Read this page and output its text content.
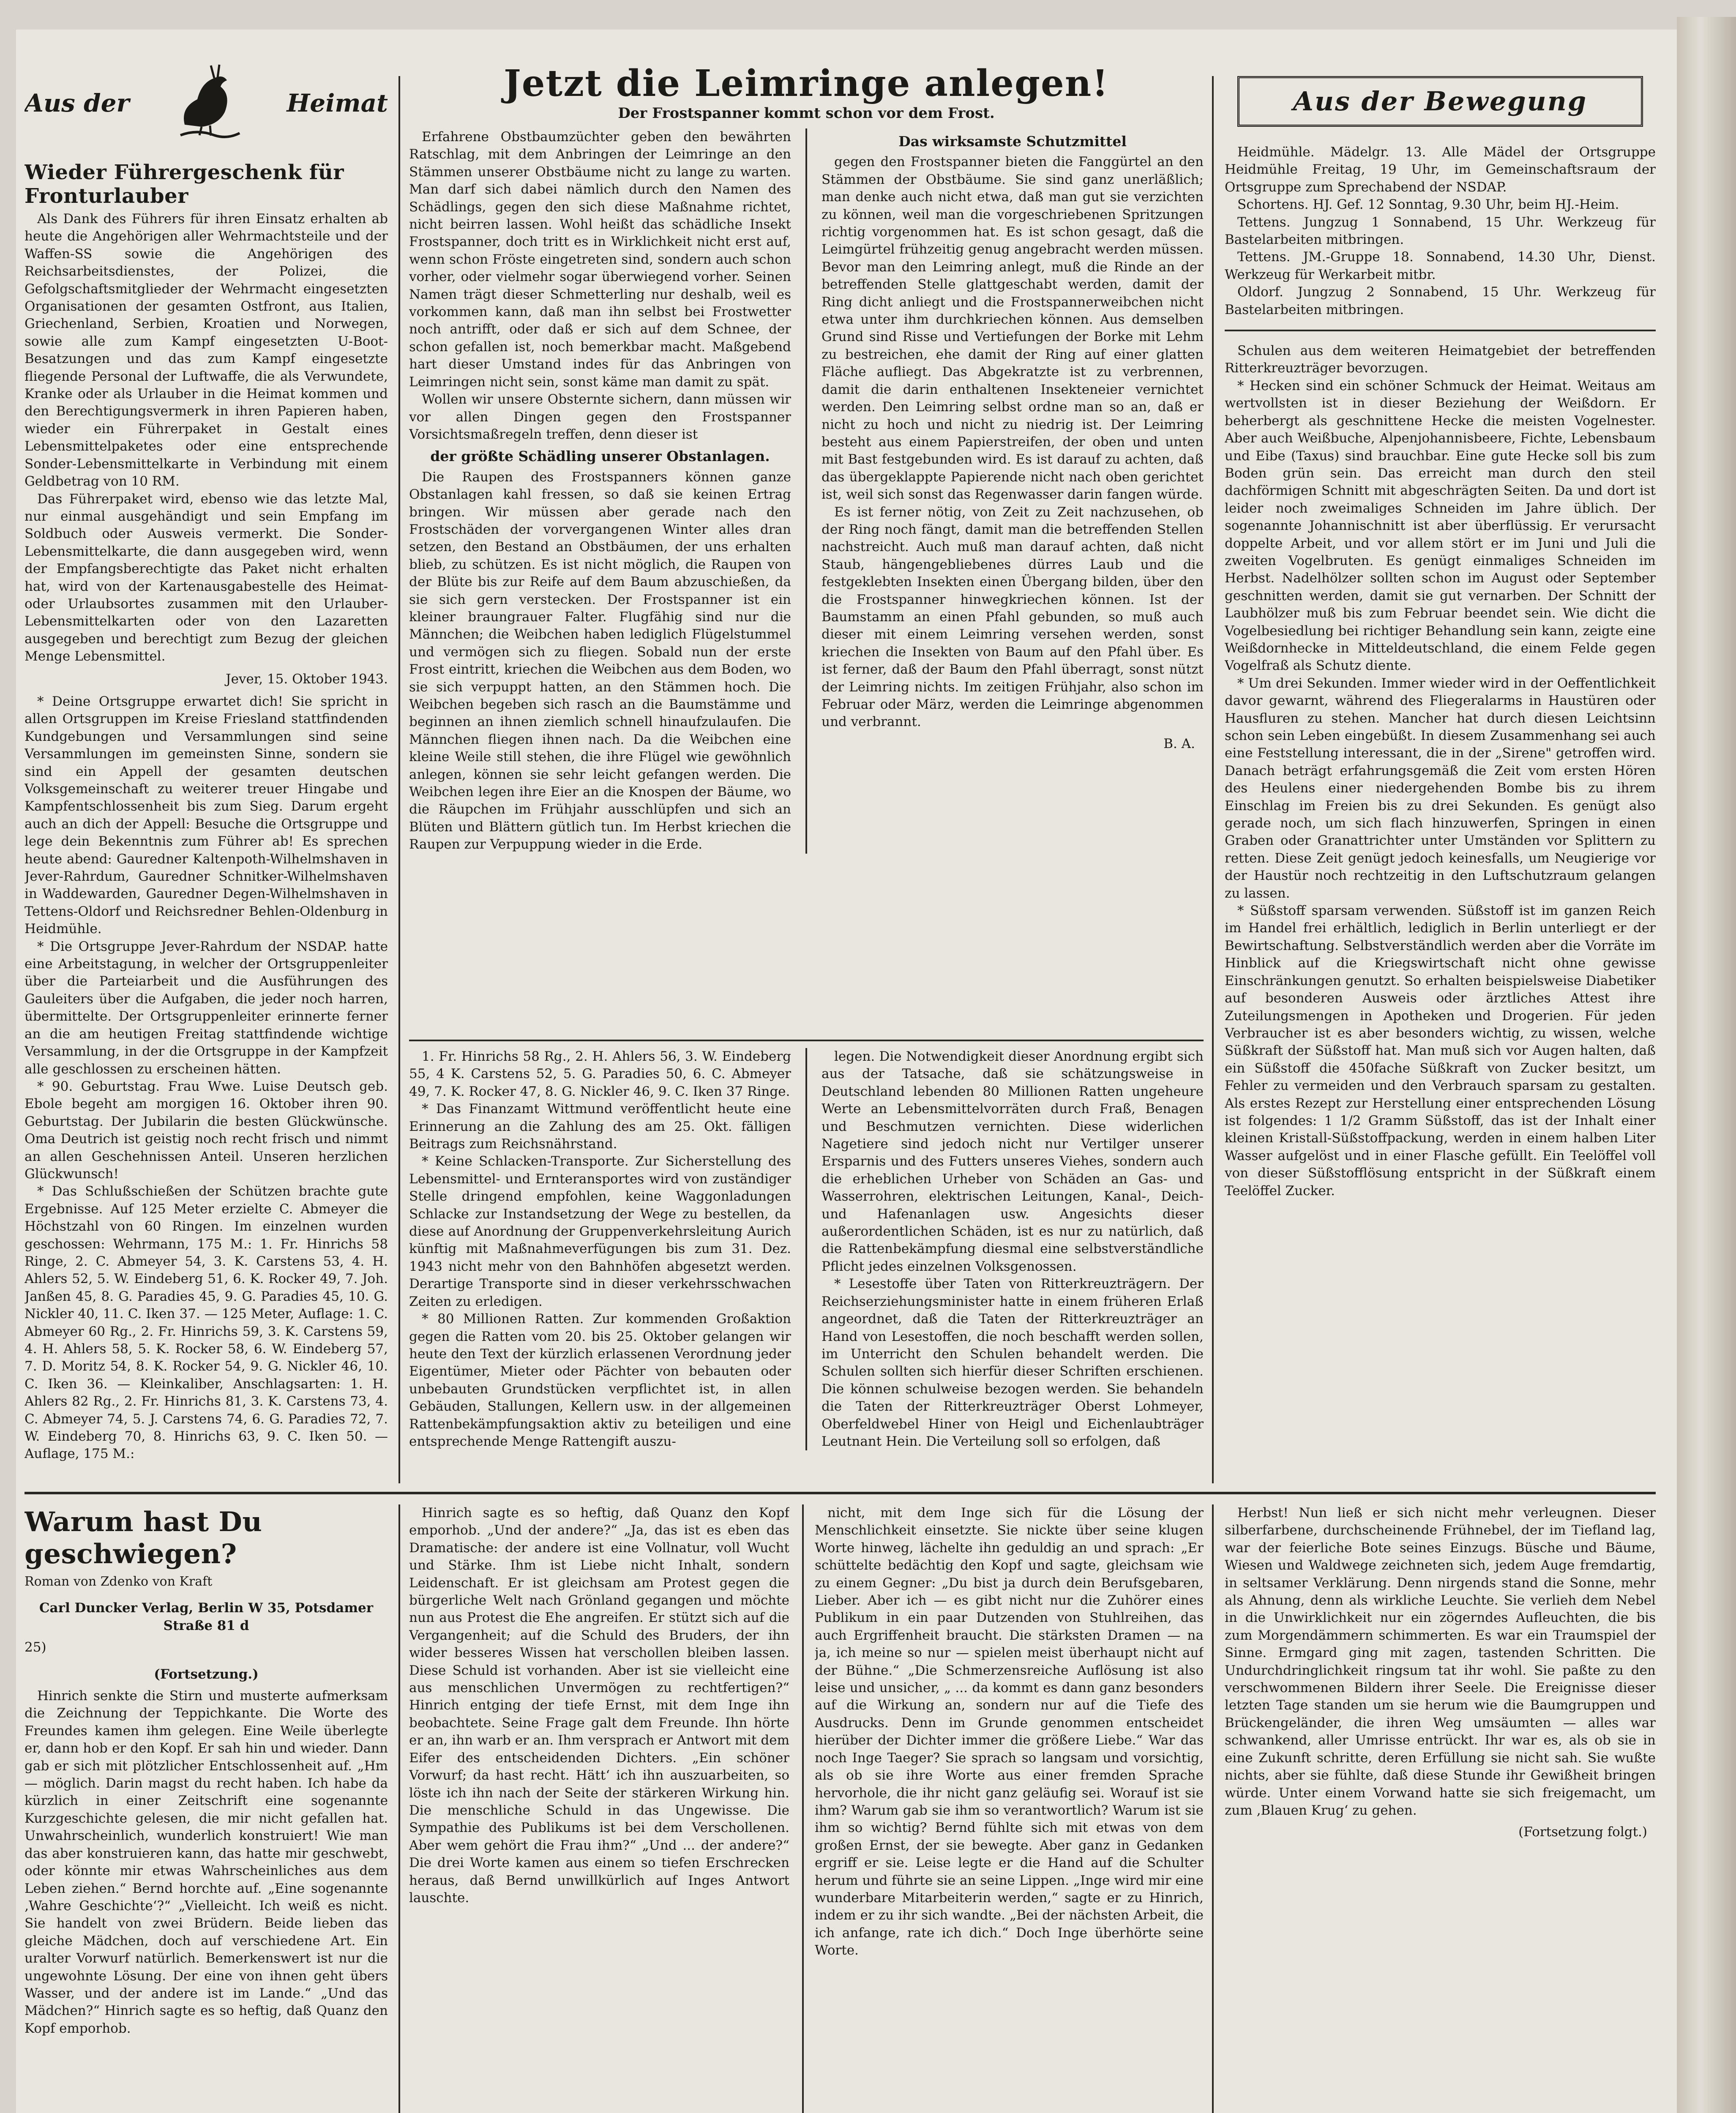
Aus der	Heimat
Wieder Führergeschenk für Fronturlauber

Als Dank des Führers für ihren Einsatz erhalten ab heute die Angehörigen aller Wehrmachtsteile und der Waffen-SS sowie die Angehörigen des Reichsarbeitsdienstes, der Polizei, die Gefolgschaftsmitglieder der Wehrmacht eingesetzten Organisationen der gesamten Ostfront, aus Italien, Griechenland, Serbien, Kroatien und Norwegen, sowie alle zum Kampf eingesetzten U-Boot-Besatzungen und das zum Kampf eingesetzte fliegende Personal der Luftwaffe, die als Verwundete, Kranke oder als Urlauber in die Heimat kommen und den Berechtigungsvermerk in ihren Papieren haben, wieder ein Führerpaket in Gestalt eines Lebensmittelpaketes oder eine entsprechende Sonder-Lebensmittelkarte in Verbindung mit einem Geldbetrag von 10 RM.

Das Führerpaket wird, ebenso wie das letzte Mal, nur einmal ausgehändigt und sein Empfang im Soldbuch oder Ausweis vermerkt. Die Sonder-Lebensmittelkarte, die dann ausgegeben wird, wenn der Empfangsberechtigte das Paket nicht erhalten hat, wird von der Kartenausgabestelle des Heimat- oder Urlaubsortes zusammen mit den Urlauber-Lebensmittelkarten oder von den Lazaretten ausgegeben und berechtigt zum Bezug der gleichen Menge Lebensmittel.

Jever, 15. Oktober 1943.

* Deine Ortsgruppe erwartet dich! Sie spricht in allen Ortsgruppen im Kreise Friesland stattfindenden Kundgebungen und Versammlungen sind seine Versammlungen im gemeinsten Sinne, sondern sie sind ein Appell der gesamten deutschen Volksgemeinschaft zu weiterer treuer Hingabe und Kampfentschlossenheit bis zum Sieg. Darum ergeht auch an dich der Appell: Besuche die Ortsgruppe und lege dein Bekenntnis zum Führer ab! Es sprechen heute abend: Gauredner Kaltenpoth-Wilhelmshaven in Jever-Rahrdum, Gauredner Schnitker-Wilhelmshaven in Waddewarden, Gauredner Degen-Wilhelmshaven in Tettens-Oldorf und Reichsredner Behlen-Oldenburg in Heidmühle.

* Die Ortsgruppe Jever-Rahrdum der NSDAP. hatte eine Arbeitstagung, in welcher der Ortsgruppenleiter über die Parteiarbeit und die Ausführungen des Gauleiters über die Aufgaben, die jeder noch harren, übermittelte. Der Ortsgruppenleiter erinnerte ferner an die am heutigen Freitag stattfindende wichtige Versammlung, in der die Ortsgruppe in der Kampfzeit alle geschlossen zu erscheinen hätten.

* 90. Geburtstag. Frau Wwe. Luise Deutsch geb. Ebole begeht am morgigen 16. Oktober ihren 90. Geburtstag. Der Jubilarin die besten Glückwünsche. Oma Deutrich ist geistig noch recht frisch und nimmt an allen Geschehnissen Anteil. Unseren herzlichen Glückwunsch!

* Das Schlußschießen der Schützen brachte gute Ergebnisse. Auf 125 Meter erzielte C. Abmeyer die Höchstzahl von 60 Ringen. Im einzelnen wurden geschossen: Wehrmann, 175 M.: 1. Fr. Hinrichs 58 Ringe, 2. C. Abmeyer 54, 3. K. Carstens 53, 4. H. Ahlers 52, 5. W. Eindeberg 51, 6. K. Rocker 49, 7. Joh. Janßen 45, 8. G. Paradies 45, 9. G. Paradies 45, 10. G. Nickler 40, 11. C. Iken 37. — 125 Meter, Auflage: 1. C. Abmeyer 60 Rg., 2. Fr. Hinrichs 59, 3. K. Carstens 59, 4. H. Ahlers 58, 5. K. Rocker 58, 6. W. Eindeberg 57, 7. D. Moritz 54, 8. K. Rocker 54, 9. G. Nickler 46, 10. C. Iken 36. — Kleinkaliber, Anschlagsarten: 1. H. Ahlers 82 Rg., 2. Fr. Hinrichs 81, 3. K. Carstens 73, 4. C. Abmeyer 74, 5. J. Carstens 74, 6. G. Paradies 72, 7. W. Eindeberg 70, 8. Hinrichs 63, 9. C. Iken 50. — Auflage, 175 M.:

Jetzt die Leimringe anlegen!
Der Frostspanner kommt schon vor dem Frost.

Erfahrene Obstbaumzüchter geben den bewährten Ratschlag, mit dem Anbringen der Leimringe an den Stämmen unserer Obstbäume nicht zu lange zu warten. Man darf sich dabei nämlich durch den Namen des Schädlings, gegen den sich diese Maßnahme richtet, nicht beirren lassen. Wohl heißt das schädliche Insekt Frostspanner, doch tritt es in Wirklichkeit nicht erst auf, wenn schon Fröste eingetreten sind, sondern auch schon vorher, oder vielmehr sogar überwiegend vorher. Seinen Namen trägt dieser Schmetterling nur deshalb, weil es vorkommen kann, daß man ihn selbst bei Frostwetter noch antrifft, oder daß er sich auf dem Schnee, der schon gefallen ist, noch bemerkbar macht. Maßgebend hart dieser Umstand indes für das Anbringen von Leimringen nicht sein, sonst käme man damit zu spät.

Wollen wir unsere Obsternte sichern, dann müssen wir vor allen Dingen gegen den Frostspanner Vorsichtsmaßregeln treffen, denn dieser ist

der größte Schädling unserer Obstanlagen.

Die Raupen des Frostspanners können ganze Obstanlagen kahl fressen, so daß sie keinen Ertrag bringen. Wir müssen aber gerade nach den Frostschäden der vorvergangenen Winter alles dran setzen, den Bestand an Obstbäumen, der uns erhalten blieb, zu schützen. Es ist nicht möglich, die Raupen von der Blüte bis zur Reife auf dem Baum abzuschießen, da sie sich gern verstecken. Der Frostspanner ist ein kleiner braungrauer Falter. Flugfähig sind nur die Männchen; die Weibchen haben lediglich Flügelstummel und vermögen sich zu fliegen. Sobald nun der erste Frost eintritt, kriechen die Weibchen aus dem Boden, wo sie sich verpuppt hatten, an den Stämmen hoch. Die Weibchen begeben sich rasch an die Baumstämme und beginnen an ihnen ziemlich schnell hinaufzulaufen. Die Männchen fliegen ihnen nach. Da die Weibchen eine kleine Weile still stehen, die ihre Flügel wie gewöhnlich anlegen, können sie sehr leicht gefangen werden. Die Weibchen legen ihre Eier an die Knospen der Bäume, wo die Räupchen im Frühjahr ausschlüpfen und sich an Blüten und Blättern gütlich tun. Im Herbst kriechen die Raupen zur Verpuppung wieder in die Erde.

Das wirksamste Schutzmittel

gegen den Frostspanner bieten die Fanggürtel an den Stämmen der Obstbäume. Sie sind ganz unerläßlich; man denke auch nicht etwa, daß man gut sie verzichten zu können, weil man die vorgeschriebenen Spritzungen richtig vorgenommen hat. Es ist schon gesagt, daß die Leimgürtel frühzeitig genug angebracht werden müssen. Bevor man den Leimring anlegt, muß die Rinde an der betreffenden Stelle glattgeschabt werden, damit der Ring dicht anliegt und die Frostspannerweibchen nicht etwa unter ihm durchkriechen können. Aus demselben Grund sind Risse und Vertiefungen der Borke mit Lehm zu bestreichen, ehe damit der Ring auf einer glatten Fläche aufliegt. Das Abgekratzte ist zu verbrennen, damit die darin enthaltenen Insekteneier vernichtet werden. Den Leimring selbst ordne man so an, daß er nicht zu hoch und nicht zu niedrig ist. Der Leimring besteht aus einem Papierstreifen, der oben und unten mit Bast festgebunden wird. Es ist darauf zu achten, daß das übergeklappte Papierende nicht nach oben gerichtet ist, weil sich sonst das Regenwasser darin fangen würde.

Es ist ferner nötig, von Zeit zu Zeit nachzusehen, ob der Ring noch fängt, damit man die betreffenden Stellen nachstreicht. Auch muß man darauf achten, daß nicht Staub, hängengebliebenes dürres Laub und die festgeklebten Insekten einen Übergang bilden, über den die Frostspanner hinwegkriechen können. Ist der Baumstamm an einen Pfahl gebunden, so muß auch dieser mit einem Leimring versehen werden, sonst kriechen die Insekten von Baum auf den Pfahl über. Es ist ferner, daß der Baum den Pfahl überragt, sonst nützt der Leimring nichts. Im zeitigen Frühjahr, also schon im Februar oder März, werden die Leimringe abgenommen und verbrannt.

B. A.

Aus der Bewegung

Heidmühle. Mädelgr. 13. Alle Mädel der Ortsgruppe Heidmühle Freitag, 19 Uhr, im Gemeinschaftsraum der Ortsgruppe zum Sprechabend der NSDAP.

Schortens. HJ. Gef. 12 Sonntag, 9.30 Uhr, beim HJ.-Heim.

Tettens. Jungzug 1 Sonnabend, 15 Uhr. Werkzeug für Bastelarbeiten mitbringen.

Tettens. JM.-Gruppe 18. Sonnabend, 14.30 Uhr, Dienst. Werkzeug für Werkarbeit mitbr.

Oldorf. Jungzug 2 Sonnabend, 15 Uhr. Werkzeug für Bastelarbeiten mitbringen.

Schulen aus dem weiteren Heimatgebiet der betreffenden Ritterkreuzträger bevorzugen.

* Hecken sind ein schöner Schmuck der Heimat. Weitaus am wertvollsten ist in dieser Beziehung der Weißdorn. Er beherbergt als geschnittene Hecke die meisten Vogelnester. Aber auch Weißbuche, Alpenjohannisbeere, Fichte, Lebensbaum und Eibe (Taxus) sind brauchbar. Eine gute Hecke soll bis zum Boden grün sein. Das erreicht man durch den steil dachförmigen Schnitt mit abgeschrägten Seiten. Da und dort ist leider noch zweimaliges Schneiden im Jahre üblich. Der sogenannte Johannischnitt ist aber überflüssig. Er verursacht doppelte Arbeit, und vor allem stört er im Juni und Juli die zweiten Vogelbruten. Es genügt einmaliges Schneiden im Herbst. Nadelhölzer sollten schon im August oder September geschnitten werden, damit sie gut vernarben. Der Schnitt der Laubhölzer muß bis zum Februar beendet sein. Wie dicht die Vogelbesiedlung bei richtiger Behandlung sein kann, zeigte eine Weißdornhecke in Mitteldeutschland, die einem Felde gegen Vogelfraß als Schutz diente.

* Um drei Sekunden. Immer wieder wird in der Oeffentlichkeit davor gewarnt, während des Fliegeralarms in Haustüren oder Hausfluren zu stehen. Mancher hat durch diesen Leichtsinn schon sein Leben eingebüßt. In diesem Zusammenhang sei auch eine Feststellung interessant, die in der „Sirene" getroffen wird. Danach beträgt erfahrungsgemäß die Zeit vom ersten Hören des Heulens einer niedergehenden Bombe bis zu ihrem Einschlag im Freien bis zu drei Sekunden. Es genügt also gerade noch, um sich flach hinzuwerfen, Springen in einen Graben oder Granattrichter unter Umständen vor Splittern zu retten. Diese Zeit genügt jedoch keinesfalls, um Neugierige vor der Haustür noch rechtzeitig in den Luftschutzraum gelangen zu lassen.

* Süßstoff sparsam verwenden. Süßstoff ist im ganzen Reich im Handel frei erhältlich, lediglich in Berlin unterliegt er der Bewirtschaftung. Selbstverständlich werden aber die Vorräte im Hinblick auf die Kriegswirtschaft nicht ohne gewisse Einschränkungen genutzt. So erhalten beispielsweise Diabetiker auf besonderen Ausweis oder ärztliches Attest ihre Zuteilungsmengen in Apotheken und Drogerien. Für jeden Verbraucher ist es aber besonders wichtig, zu wissen, welche Süßkraft der Süßstoff hat. Man muß sich vor Augen halten, daß ein Süßstoff die 450fache Süßkraft von Zucker besitzt, um Fehler zu vermeiden und den Verbrauch sparsam zu gestalten. Als erstes Rezept zur Herstellung einer entsprechenden Lösung ist folgendes: 1 1/2 Gramm Süßstoff, das ist der Inhalt einer kleinen Kristall-Süßstoffpackung, werden in einem halben Liter Wasser aufgelöst und in einer Flasche gefüllt. Ein Teelöffel voll von dieser Süßstofflösung entspricht in der Süßkraft einem Teelöffel Zucker.

1. Fr. Hinrichs 58 Rg., 2. H. Ahlers 56, 3. W. Eindeberg 55, 4 K. Carstens 52, 5. G. Paradies 50, 6. C. Abmeyer 49, 7. K. Rocker 47, 8. G. Nickler 46, 9. C. Iken 37 Ringe.

* Das Finanzamt Wittmund veröffentlicht heute eine Erinnerung an die Zahlung des am 25. Okt. fälligen Beitrags zum Reichsnährstand.

* Keine Schlacken-Transporte. Zur Sicherstellung des Lebensmittel- und Ernteransportes wird von zuständiger Stelle dringend empfohlen, keine Waggonladungen Schlacke zur Instandsetzung der Wege zu bestellen, da diese auf Anordnung der Gruppenverkehrsleitung Aurich künftig mit Maßnahmeverfügungen bis zum 31. Dez. 1943 nicht mehr von den Bahnhöfen abgesetzt werden. Derartige Transporte sind in dieser verkehrsschwachen Zeiten zu erledigen.

* 80 Millionen Ratten. Zur kommenden Großaktion gegen die Ratten vom 20. bis 25. Oktober gelangen wir heute den Text der kürzlich erlassenen Verordnung jeder Eigentümer, Mieter oder Pächter von bebauten oder unbebauten Grundstücken verpflichtet ist, in allen Gebäuden, Stallungen, Kellern usw. in der allgemeinen Rattenbekämpfungsaktion aktiv zu beteiligen und eine entsprechende Menge Rattengift auszu-

legen. Die Notwendigkeit dieser Anordnung ergibt sich aus der Tatsache, daß sie schätzungsweise in Deutschland lebenden 80 Millionen Ratten ungeheure Werte an Lebensmittelvorräten durch Fraß, Benagen und Beschmutzen vernichten. Diese widerlichen Nagetiere sind jedoch nicht nur Vertilger unserer Ersparnis und des Futters unseres Viehes, sondern auch die erheblichen Urheber von Schäden an Gas- und Wasserrohren, elektrischen Leitungen, Kanal-, Deich- und Hafenanlagen usw. Angesichts dieser außerordentlichen Schäden, ist es nur zu natürlich, daß die Rattenbekämpfung diesmal eine selbstverständliche Pflicht jedes einzelnen Volksgenossen.

* Lesestoffe über Taten von Ritterkreuzträgern. Der Reichserziehungsminister hatte in einem früheren Erlaß angeordnet, daß die Taten der Ritterkreuzträger an Hand von Lesestoffen, die noch beschafft werden sollen, im Unterricht den Schulen behandelt werden. Die Schulen sollten sich hierfür dieser Schriften erschienen. Die können schulweise bezogen werden. Sie behandeln die Taten der Ritterkreuzträger Oberst Lohmeyer, Oberfeldwebel Hiner von Heigl und Eichenlaubträger Leutnant Hein. Die Verteilung soll so erfolgen, daß

Warum hast Du geschwiegen?

Roman von Zdenko von Kraft

Carl Duncker Verlag, Berlin W 35, Potsdamer Straße 81 d

25)

(Fortsetzung.)

Hinrich senkte die Stirn und musterte aufmerksam die Zeichnung der Teppichkante. Die Worte des Freundes kamen ihm gelegen. Eine Weile überlegte er, dann hob er den Kopf. Er sah hin und wieder. Dann gab er sich mit plötzlicher Entschlossenheit auf. „Hm — möglich. Darin magst du recht haben. Ich habe da kürzlich in einer Zeitschrift eine sogenannte Kurzgeschichte gelesen, die mir nicht gefallen hat. Unwahrscheinlich, wunderlich konstruiert! Wie man das aber konstruieren kann, das hatte mir geschwebt, oder könnte mir etwas Wahrscheinliches aus dem Leben ziehen.“ Bernd horchte auf. „Eine sogenannte ‚Wahre Geschichte‘?“ „Vielleicht. Ich weiß es nicht. Sie handelt von zwei Brüdern. Beide lieben das gleiche Mädchen, doch auf verschiedene Art. Ein uralter Vorwurf natürlich. Bemerkenswert ist nur die ungewohnte Lösung. Der eine von ihnen geht übers Wasser, und der andere ist im Lande.“ „Und das Mädchen?“ Hinrich sagte es so heftig, daß Quanz den Kopf emporhob.

Hinrich sagte es so heftig, daß Quanz den Kopf emporhob. „Und der andere?“ „Ja, das ist es eben das Dramatische: der andere ist eine Vollnatur, voll Wucht und Stärke. Ihm ist Liebe nicht Inhalt, sondern Leidenschaft. Er ist gleichsam am Protest gegen die bürgerliche Welt nach Grönland gegangen und möchte nun aus Protest die Ehe angreifen. Er stützt sich auf die Vergangenheit; auf die Schuld des Bruders, der ihn wider besseres Wissen hat verschollen bleiben lassen. Diese Schuld ist vorhanden. Aber ist sie vielleicht eine aus menschlichen Unvermögen zu rechtfertigen?“ Hinrich entging der tiefe Ernst, mit dem Inge ihn beobachtete. Seine Frage galt dem Freunde. Ihn hörte er an, ihn warb er an. Ihm versprach er Antwort mit dem Eifer des entscheidenden Dichters. „Ein schöner Vorwurf; da hast recht. Hätt‘ ich ihn auszuarbeiten, so löste ich ihn nach der Seite der stärkeren Wirkung hin. Die menschliche Schuld in das Ungewisse. Die Sympathie des Publikums ist bei dem Verschollenen. Aber wem gehört die Frau ihm?“ „Und ... der andere?“ Die drei Worte kamen aus einem so tiefen Erschrecken heraus, daß Bernd unwillkürlich auf Inges Antwort lauschte.

nicht, mit dem Inge sich für die Lösung der Menschlichkeit einsetzte. Sie nickte über seine klugen Worte hinweg, lächelte ihn geduldig an und sprach: „Er schüttelte bedächtig den Kopf und sagte, gleichsam wie zu einem Gegner: „Du bist ja durch dein Berufsgebaren, Lieber. Aber ich — es gibt nicht nur die Zuhörer eines Publikum in ein paar Dutzenden von Stuhlreihen, das auch Ergriffenheit braucht. Die stärksten Dramen — na ja, ich meine so nur — spielen meist überhaupt nicht auf der Bühne.“ „Die Schmerzensreiche Auflösung ist also leise und unsicher, „ ... da kommt es dann ganz besonders auf die Wirkung an, sondern nur auf die Tiefe des Ausdrucks. Denn im Grunde genommen entscheidet hierüber der Dichter immer die größere Liebe.“ War das noch Inge Taeger? Sie sprach so langsam und vorsichtig, als ob sie ihre Worte aus einer fremden Sprache hervorhole, die ihr nicht ganz geläufig sei. Worauf ist sie ihm? Warum gab sie ihm so verantwortlich? Warum ist sie ihm so wichtig? Bernd fühlte sich mit etwas von dem großen Ernst, der sie bewegte. Aber ganz in Gedanken ergriff er sie. Leise legte er die Hand auf die Schulter herum und führte sie an seine Lippen. „Inge wird mir eine wunderbare Mitarbeiterin werden,“ sagte er zu Hinrich, indem er zu ihr sich wandte. „Bei der nächsten Arbeit, die ich anfange, rate ich dich.“ Doch Inge überhörte seine Worte.

Herbst! Nun ließ er sich nicht mehr verleugnen. Dieser silberfarbene, durchscheinende Frühnebel, der im Tiefland lag, war der feierliche Bote seines Einzugs. Büsche und Bäume, Wiesen und Waldwege zeichneten sich, jedem Auge fremdartig, in seltsamer Verklärung. Denn nirgends stand die Sonne, mehr als Ahnung, denn als wirkliche Leuchte. Sie verlieh dem Nebel in die Unwirklichkeit nur ein zögerndes Aufleuchten, die bis zum Morgendämmern schimmerten. Es war ein Traumspiel der Sinne. Ermgard ging mit zagen, tastenden Schritten. Die Undurchdringlichkeit ringsum tat ihr wohl. Sie paßte zu den verschwommenen Bildern ihrer Seele. Die Ereignisse dieser letzten Tage standen um sie herum wie die Baumgruppen und Brückengeländer, die ihren Weg umsäumten — alles war schwankend, aller Umrisse entrückt. Ihr war es, als ob sie in eine Zukunft schritte, deren Erfüllung sie nicht sah. Sie wußte nichts, aber sie fühlte, daß diese Stunde ihr Gewißheit bringen würde. Unter einem Vorwand hatte sie sich freigemacht, um zum ‚Blauen Krug‘ zu gehen.

(Fortsetzung folgt.)
